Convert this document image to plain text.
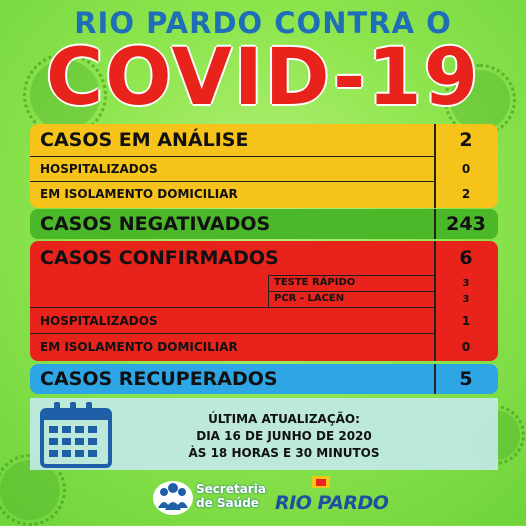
RIO PARDO CONTRA O
COVID-19
CASOS EM ANÁLISE	2
HOSPITALIZADOS	0
EM ISOLAMENTO DOMICILIAR	2
CASOS NEGATIVADOS	243
CASOS CONFIRMADOS	6
TESTE RÁPIDO	3
PCR - LACEN	3
HOSPITALIZADOS	1
EM ISOLAMENTO DOMICILIAR	0
CASOS RECUPERADOS	5
ÚLTIMA ATUALIZAÇÃO:
DIA 16 DE JUNHO DE 2020
ÀS 18 HORAS E 30 MINUTOS
Secretaria
de Saúde RIO PARDO
